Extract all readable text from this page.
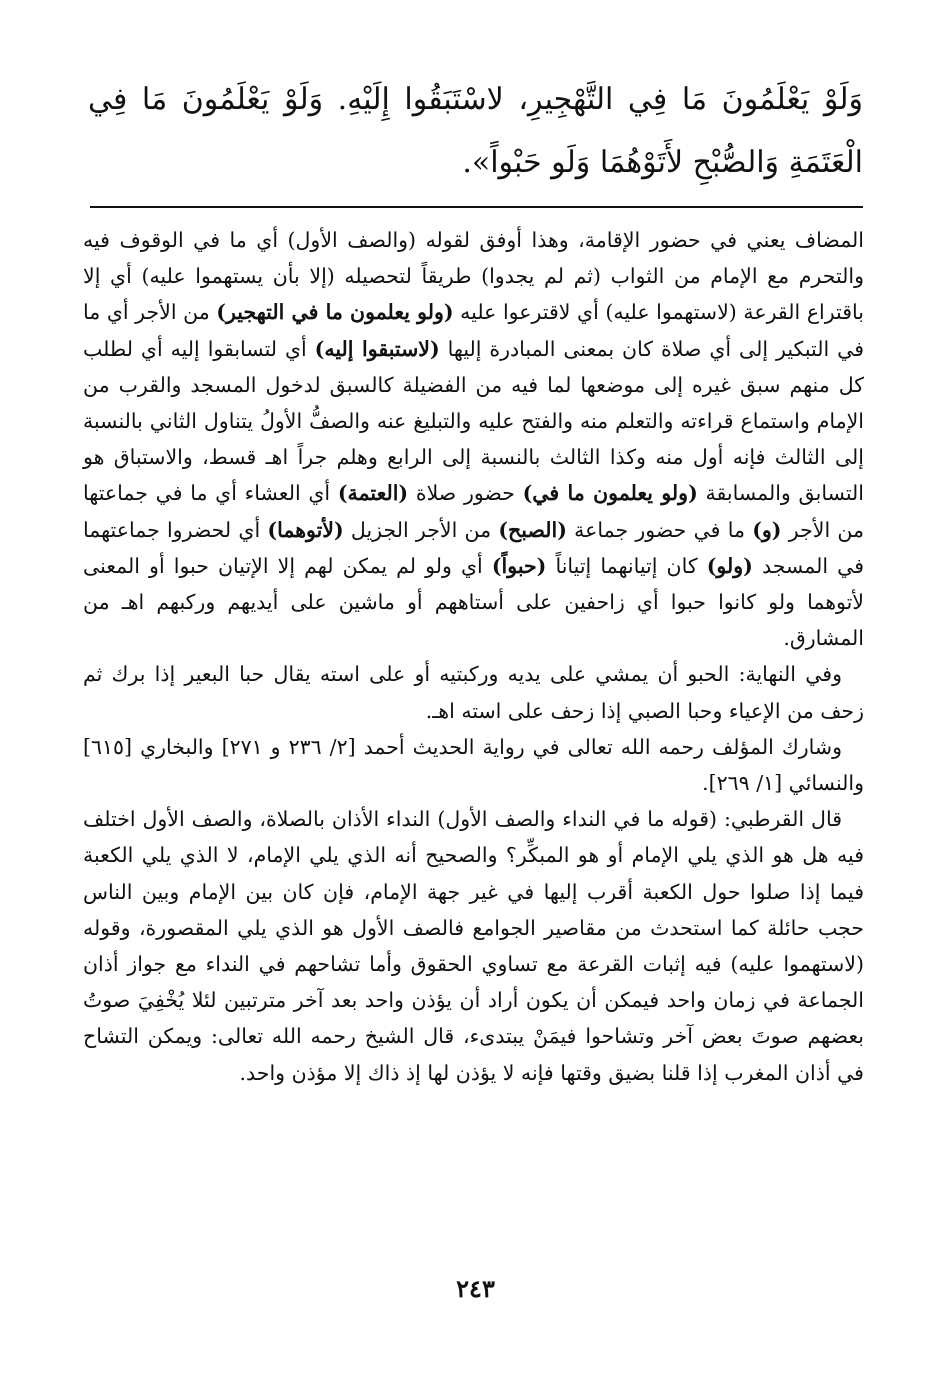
وَلَوْ يَعْلَمُونَ مَا فِي التَّهْجِيرِ، لاسْتَبَقُوا إِلَيْهِ. وَلَوْ يَعْلَمُونَ مَا فِي الْعَتَمَةِ وَالصُّبْحِ لأَتَوْهُمَا وَلَو حَبْواً».

المضاف يعني في حضور الإقامة، وهذا أوفق لقوله (والصف الأول) أي ما في الوقوف فيه والتحرم مع الإمام من الثواب (ثم لم يجدوا) طريقاً لتحصيله (إلا بأن يستهموا عليه) أي إلا باقتراع القرعة (لاستهموا عليه) أي لاقترعوا عليه (ولو يعلمون ما في التهجير) من الأجر أي ما في التبكير إلى أي صلاة كان بمعنى المبادرة إليها (لاستبقوا إليه) أي لتسابقوا إليه أي لطلب كل منهم سبق غيره إلى موضعها لما فيه من الفضيلة كالسبق لدخول المسجد والقرب من الإمام واستماع قراءته والتعلم منه والفتح عليه والتبليغ عنه والصفُّ الأولُ يتناول الثاني بالنسبة إلى الثالث فإنه أول منه وكذا الثالث بالنسبة إلى الرابع وهلم جراً اهـ قسط، والاستباق هو التسابق والمسابقة (ولو يعلمون ما في) حضور صلاة (العتمة) أي العشاء أي ما في جماعتها من الأجر (و) ما في حضور جماعة (الصبح) من الأجر الجزيل (لأتوهما) أي لحضروا جماعتهما في المسجد (ولو) كان إتيانهما إتياناً (حبواً) أي ولو لم يمكن لهم إلا الإتيان حبوا أو المعنى لأتوهما ولو كانوا حبوا أي زاحفين على أستاههم أو ماشين على أيديهم وركبهم اهـ من المشارق.

وفي النهاية: الحبو أن يمشي على يديه وركبتيه أو على استه يقال حبا البعير إذا برك ثم زحف من الإعياء وحبا الصبي إذا زحف على استه اهـ.

وشارك المؤلف رحمه الله تعالى في رواية الحديث أحمد [٢/ ٢٣٦ و ٢٧١] والبخاري [٦١٥] والنسائي [١/ ٢٦٩].

قال القرطبي: (قوله ما في النداء والصف الأول) النداء الأذان بالصلاة، والصف الأول اختلف فيه هل هو الذي يلي الإمام أو هو المبكِّر؟ والصحيح أنه الذي يلي الإمام، لا الذي يلي الكعبة فيما إذا صلوا حول الكعبة أقرب إليها في غير جهة الإمام، فإن كان بين الإمام وبين الناس حجب حائلة كما استحدث من مقاصير الجوامع فالصف الأول هو الذي يلي المقصورة، وقوله (لاستهموا عليه) فيه إثبات القرعة مع تساوي الحقوق وأما تشاحهم في النداء مع جواز أذان الجماعة في زمان واحد فيمكن أن يكون أراد أن يؤذن واحد بعد آخر مترتبين لئلا يُخْفِيَ صوتُ بعضهم صوتَ بعض آخر وتشاحوا فيمَنْ يبتدىء، قال الشيخ رحمه الله تعالى: ويمكن التشاح في أذان المغرب إذا قلنا بضيق وقتها فإنه لا يؤذن لها إذ ذاك إلا مؤذن واحد.

٢٤٣
